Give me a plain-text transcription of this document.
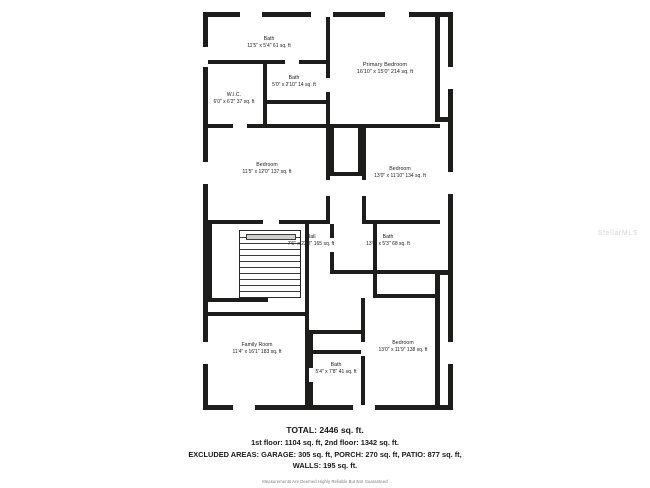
Bath
11'5" x 5'4" 61 sq. ft
Primary Bedroom
16'10" x 15'0" 214 sq. ft
Bath
5'0" x 2'10" 14 sq. ft
W.I.C.
6'0" x 6'2" 37 sq. ft
Bedroom
11'5" x 12'0" 137 sq. ft	Bedroom
13'0" x 11'10" 134 sq. ft
Hall
7'6" x 22'2" 165 sq. ft
Bath
13'0" x 5'3" 68 sq. ft
Family Room
11'4" x 16'1" 183 sq. ft
Bedroom
13'0" x 11'9" 138 sq. ft
Bath
5'4" x 7'8" 41 sq. ft
StellarMLS
TOTAL: 2446 sq. ft.
1st floor: 1104 sq. ft, 2nd floor: 1342 sq. ft.
EXCLUDED AREAS: GARAGE: 305 sq. ft, PORCH: 270 sq. ft, PATIO: 877 sq. ft,
WALLS: 195 sq. ft.
Measurements Are Deemed Highly Reliable But Not Guaranteed
